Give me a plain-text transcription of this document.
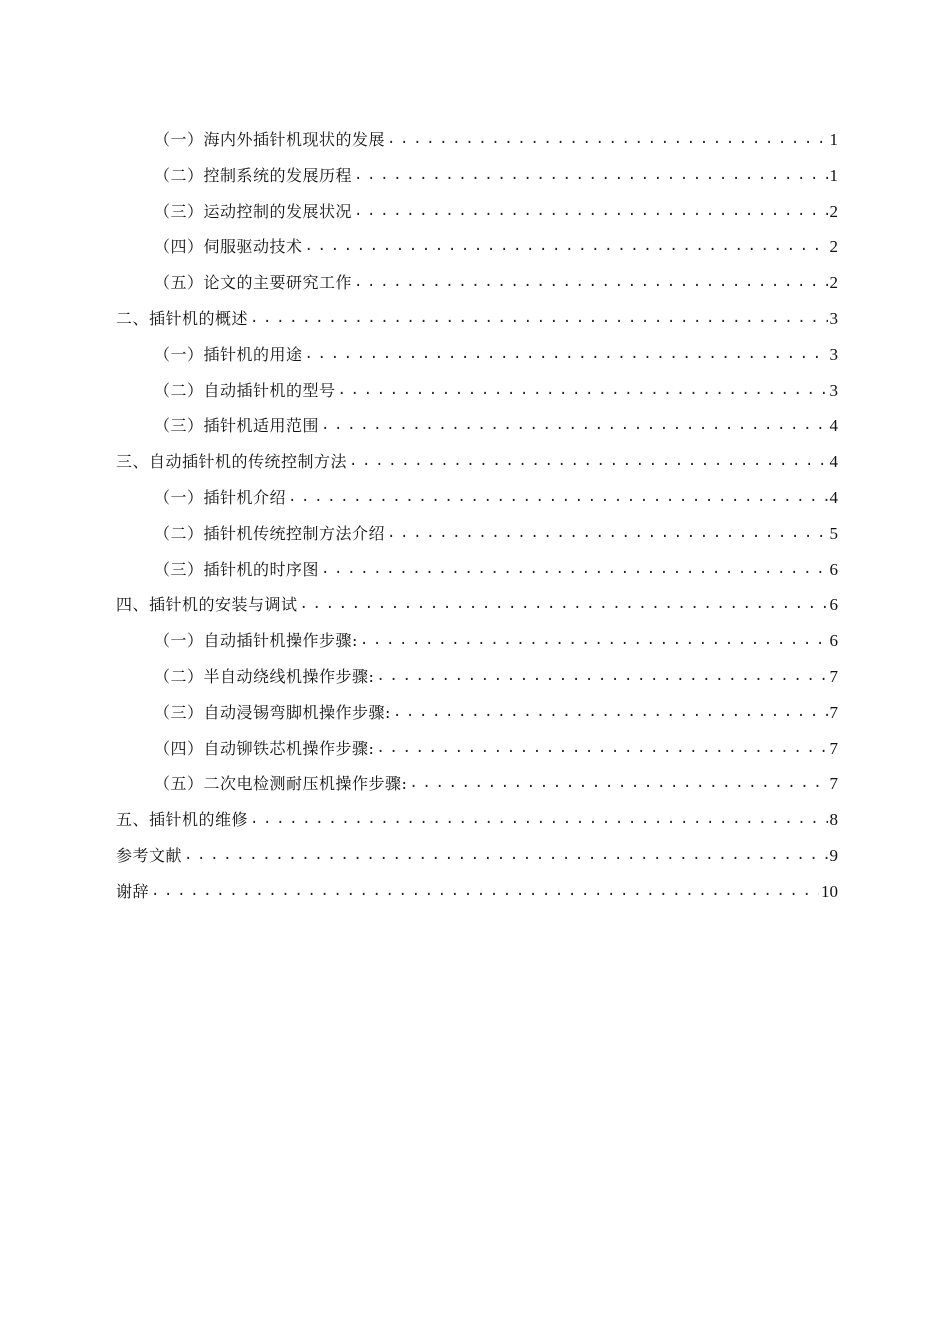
（一）海内外插针机现状的发展 .....	1
（二）控制系统的发展历程 .....	1
（三）运动控制的发展状况 .....	2
（四）伺服驱动技术 .....	2
（五）论文的主要研究工作 .....	2
二、插针机的概述 .....	3
（一）插针机的用途 .....	3
（二）自动插针机的型号 .....	3
（三）插针机适用范围 .....	4
三、自动插针机的传统控制方法 .....	4
（一）插针机介绍 .....	4
（二）插针机传统控制方法介绍 .....	5
（三）插针机的时序图 .....	6
四、插针机的安装与调试 .....	6
（一）自动插针机操作步骤: .....	6
（二）半自动绕线机操作步骤: .....	7
（三）自动浸锡弯脚机操作步骤: .....	7
（四）自动铆铁芯机操作步骤: .....	7
（五）二次电检测耐压机操作步骤: .....	7
五、插针机的维修 .....	8
参考文献 .....	9
谢辞 .....	10
